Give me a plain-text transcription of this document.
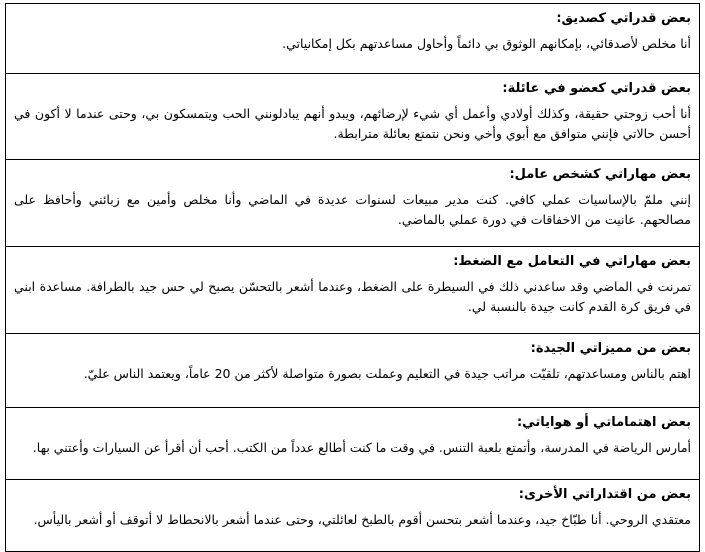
بعض قدراتي كصديق:
أنا مخلص لأصدقائي، بإمكانهم الوثوق بي دائماً وأحاول مساعدتهم بكل إمكانياتي.
بعض قدراتي كعضو في عائلة:
أنا أحب زوجتي حقيقة، وكذلك أولادي وأعمل أي شيء لإرضائهم، ويبدو أنهم يبادلونني الحب ويتمسكون بي، وحتى عندما لا أكون في أحسن حالاتي فإنني متوافق مع أبوي وأخي ونحن نتمتع بعائلة مترابطة.
بعض مهاراتي كشخص عامل:
إنني ملمّ بالإساسيات عملي كافي. كنت مدير مبيعات لسنوات عديدة في الماضي وأنا مخلص وأمين مع زبائني وأحافظ على مصالحهم. عانيت من الاخفاقات في دورة عملي بالماضي.
بعض مهاراتي في التعامل مع الضغط:
تمرنت في الماضي وقد ساعدني ذلك في السيطرة على الضغط، وعندما أشعر بالتحسّن يصبح لي حس جيد بالطرافة. مساعدة ابني في فريق كرة القدم كانت جيدة بالنسبة لي.
بعض من مميزاتي الجيدة:
اهتم بالناس ومساعدتهم، تلقيّت مراتب جيدة في التعليم وعملت بصورة متواصلة لأكثر من 20 عاماً، ويعتمد الناس عليّ.
بعض اهتماماتي أو هواياتي:
أمارس الرياضة في المدرسة، وأتمتع بلعبة التنس. في وقت ما كنت أطالع عدداً من الكتب. أحب أن أقرأ عن السيارات وأعتني بها.
بعض من اقتداراتي الأخرى:
معتقدي الروحي. أنا طبّاخ جيد، وعندما أشعر بتحسن أقوم بالطبخ لعائلتي، وحتى عندما أشعر بالانحطاط لا أتوقف أو أشعر باليأس.
